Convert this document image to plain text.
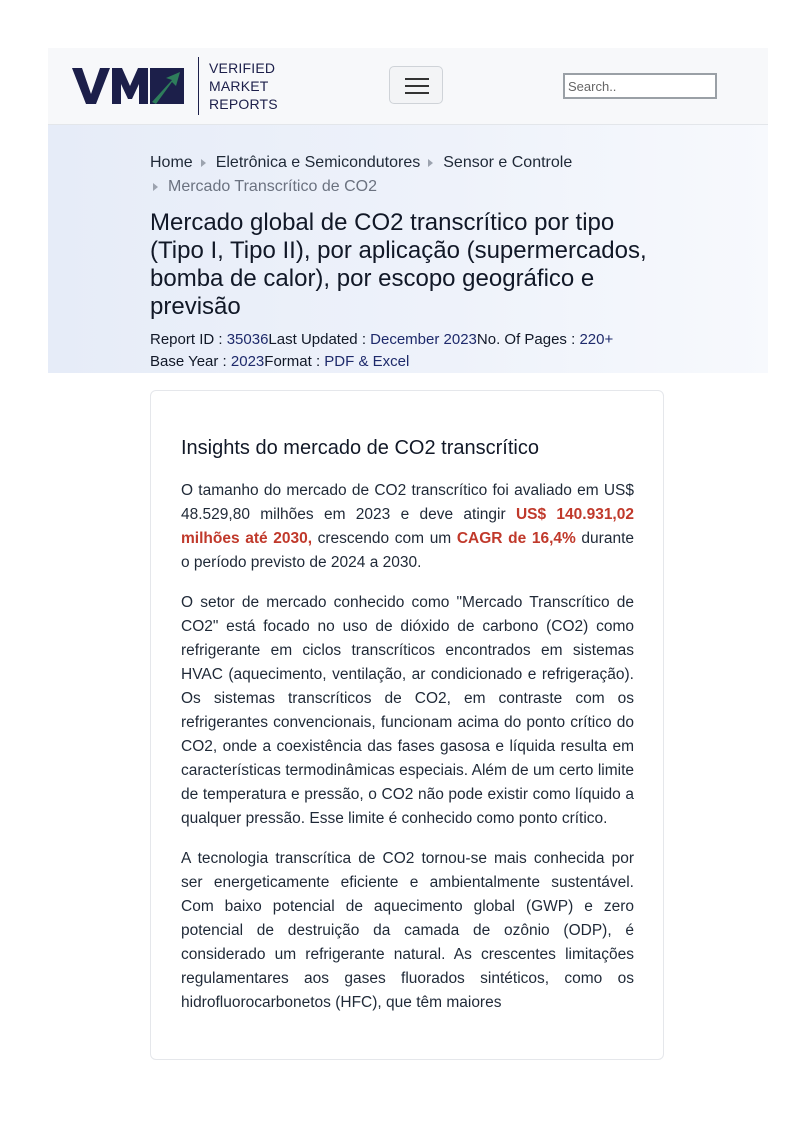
VERIFIED
MARKET
REPORTS
Search..
Home Eletrônica e Semicondutores Sensor e Controle
Mercado Transcrítico de CO2
Mercado global de CO2 transcrítico por tipo (Tipo I, Tipo II), por aplicação (supermercados, bomba de calor), por escopo geográfico e previsão
Report ID : 35036Last Updated : December 2023No. Of Pages : 220+
Base Year : 2023Format : PDF & Excel
Insights do mercado de CO2 transcrítico

O tamanho do mercado de CO2 transcrítico foi avaliado em US$ 48.529,80 milhões em 2023 e deve atingir US$ 140.931,02 milhões até 2030, crescendo com um CAGR de 16,4% durante o período previsto de 2024 a 2030.

O setor de mercado conhecido como "Mercado Transcrítico de CO2" está focado no uso de dióxido de carbono (CO2) como refrigerante em ciclos transcríticos encontrados em sistemas HVAC (aquecimento, ventilação, ar condicionado e refrigeração). Os sistemas transcríticos de CO2, em contraste com os refrigerantes convencionais, funcionam acima do ponto crítico do CO2, onde a coexistência das fases gasosa e líquida resulta em características termodinâmicas especiais. Além de um certo limite de temperatura e pressão, o CO2 não pode existir como líquido a qualquer pressão. Esse limite é conhecido como ponto crítico.

A tecnologia transcrítica de CO2 tornou-se mais conhecida por ser energeticamente eficiente e ambientalmente sustentável. Com baixo potencial de aquecimento global (GWP) e zero potencial de destruição da camada de ozônio (ODP), é considerado um refrigerante natural. As crescentes limitações regulamentares aos gases fluorados sintéticos, como os hidrofluorocarbonetos (HFC), que têm maiores
